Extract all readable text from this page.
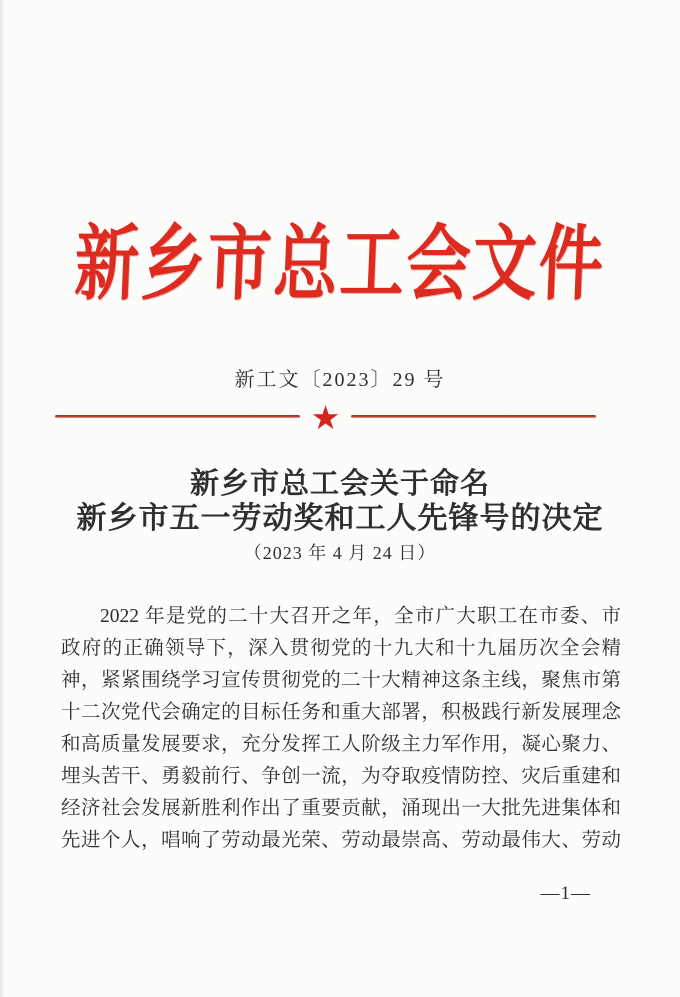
新乡市总工会文件
新工文〔2023〕29 号
★
新乡市总工会关于命名
新乡市五一劳动奖和工人先锋号的决定
（2023 年 4 月 24 日）
2022 年是党的二十大召开之年，全市广大职工在市委、市
政府的正确领导下，深入贯彻党的十九大和十九届历次全会精
神，紧紧围绕学习宣传贯彻党的二十大精神这条主线，聚焦市第
十二次党代会确定的目标任务和重大部署，积极践行新发展理念
和高质量发展要求，充分发挥工人阶级主力军作用，凝心聚力、
埋头苦干、勇毅前行、争创一流，为夺取疫情防控、灾后重建和
经济社会发展新胜利作出了重要贡献，涌现出一大批先进集体和
先进个人，唱响了劳动最光荣、劳动最崇高、劳动最伟大、劳动
—1—
